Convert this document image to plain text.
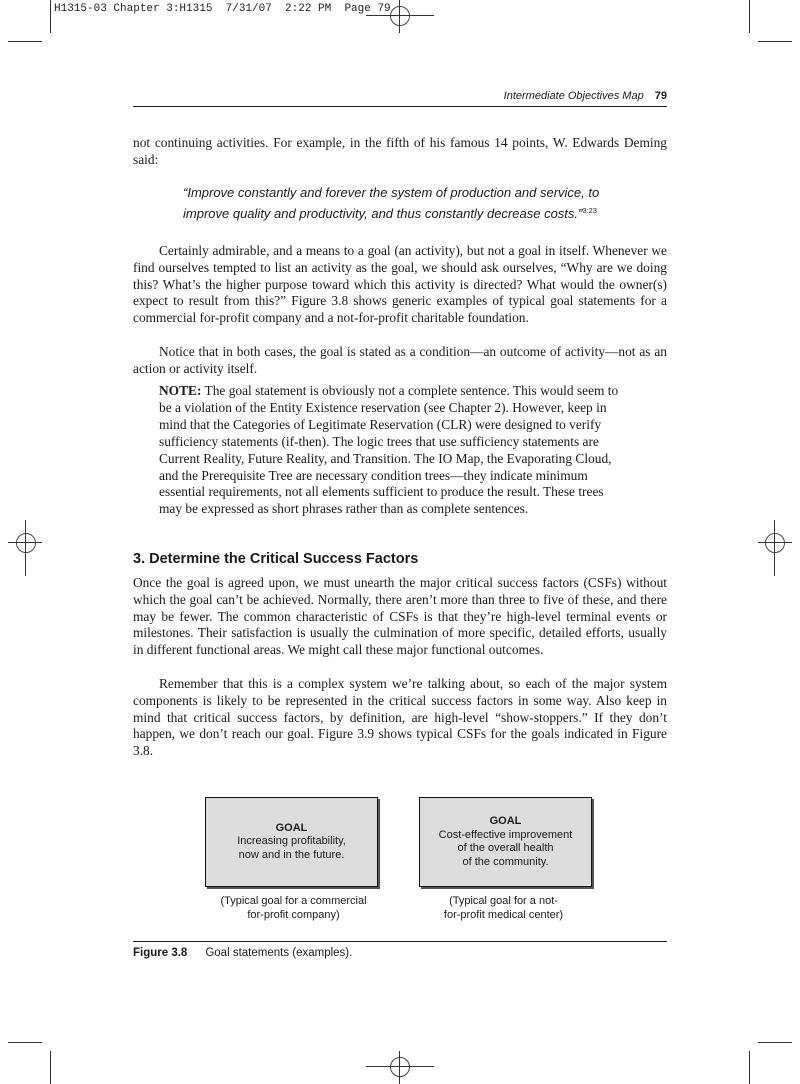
H1315-03 Chapter 3:H1315  7/31/07  2:22 PM  Page 79
Intermediate Objectives Map 79
not continuing activities. For example, in the fifth of his famous 14 points, W. Edwards Deming said:
“Improve constantly and forever the system of production and service, to improve quality and productivity, and thus constantly decrease costs.”$^{3:23}$
Certainly admirable, and a means to a goal (an activity), but not a goal in itself. Whenever we find ourselves tempted to list an activity as the goal, we should ask ourselves, “Why are we doing this? What’s the higher purpose toward which this activity is directed? What would the owner(s) expect to result from this?” Figure 3.8 shows generic examples of typical goal statements for a commercial for-profit company and a not-for-profit charitable foundation.
Notice that in both cases, the goal is stated as a condition—an outcome of activity—not as an action or activity itself.
NOTE: The goal statement is obviously not a complete sentence. This would seem to be a violation of the Entity Existence reservation (see Chapter 2). However, keep in mind that the Categories of Legitimate Reservation (CLR) were designed to verify sufficiency statements (if-then). The logic trees that use sufficiency statements are Current Reality, Future Reality, and Transition. The IO Map, the Evaporating Cloud, and the Prerequisite Tree are necessary condition trees—they indicate minimum essential requirements, not all elements sufficient to produce the result. These trees may be expressed as short phrases rather than as complete sentences.
3. Determine the Critical Success Factors
Once the goal is agreed upon, we must unearth the major critical success factors (CSFs) without which the goal can’t be achieved. Normally, there aren’t more than three to five of these, and there may be fewer. The common characteristic of CSFs is that they’re high-level terminal events or milestones. Their satisfaction is usually the culmination of more specific, detailed efforts, usually in different functional areas. We might call these major functional outcomes.
Remember that this is a complex system we’re talking about, so each of the major system components is likely to be represented in the critical success factors in some way. Also keep in mind that critical success factors, by definition, are high-level “show-stoppers.” If they don’t happen, we don’t reach our goal. Figure 3.9 shows typical CSFs for the goals indicated in Figure 3.8.
GOAL
Increasing profitability,
now and in the future.
(Typical goal for a commercial
for-profit company)
GOAL
Cost-effective improvement
of the overall health
of the community.
(Typical goal for a not-
for-profit medical center)
Figure 3.8 Goal statements (examples).
